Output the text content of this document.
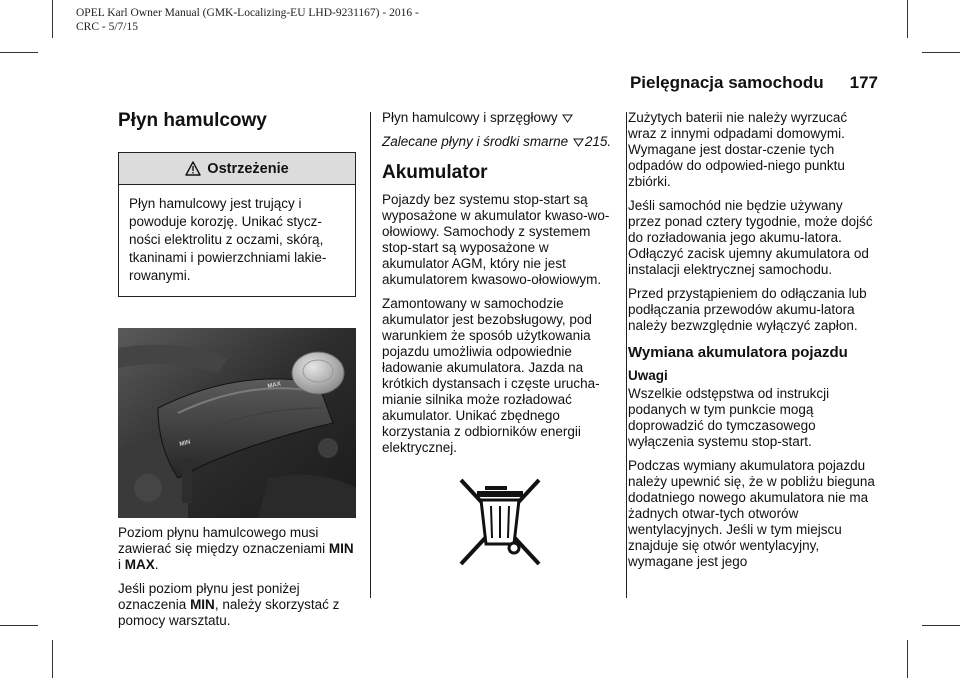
OPEL Karl Owner Manual (GMK-Localizing-EU LHD-9231167) - 2016 -
CRC - 5/7/15
Pielęgnacja samochodu 177
Płyn hamulcowy
Ostrzeżenie

Płyn hamulcowy jest trujący i powoduje korozję. Unikać stycz-ności elektrolitu z oczami, skórą, tkaninami i powierzchniami lakie-rowanymi.

MAX
MIN

Poziom płynu hamulcowego musi zawierać się między oznaczeniami MIN i MAX.

Jeśli poziom płynu jest poniżej oznaczenia MIN, należy skorzystać z pomocy warsztatu.

Płyn hamulcowy i sprzęgłowy

Zalecane płyny i środki smarne 215.

Akumulator

Pojazdy bez systemu stop-start są wyposażone w akumulator kwaso-wo-ołowiowy. Samochody z systemem stop-start są wyposażone w akumulator AGM, który nie jest akumulatorem kwasowo-ołowiowym.

Zamontowany w samochodzie akumulator jest bezobsługowy, pod warunkiem że sposób użytkowania pojazdu umożliwia odpowiednie ładowanie akumulatora. Jazda na krótkich dystansach i częste urucha-mianie silnika może rozładować akumulator. Unikać zbędnego korzystania z odbiorników energii elektrycznej.

Zużytych baterii nie należy wyrzucać wraz z innymi odpadami domowymi. Wymagane jest dostar-czenie tych odpadów do odpowied-niego punktu zbiórki.

Jeśli samochód nie będzie używany przez ponad cztery tygodnie, może dojść do rozładowania jego akumu-latora. Odłączyć zacisk ujemny akumulatora od instalacji elektrycznej samochodu.

Przed przystąpieniem do odłączania lub podłączania przewodów akumu-latora należy bezwzględnie wyłączyć zapłon.

Wymiana akumulatora pojazdu
Uwagi

Wszelkie odstępstwa od instrukcji podanych w tym punkcie mogą doprowadzić do tymczasowego wyłączenia systemu stop-start.

Podczas wymiany akumulatora pojazdu należy upewnić się, że w pobliżu bieguna dodatniego nowego akumulatora nie ma żadnych otwar-tych otworów wentylacyjnych. Jeśli w tym miejscu znajduje się otwór wentylacyjny, wymagane jest jego
